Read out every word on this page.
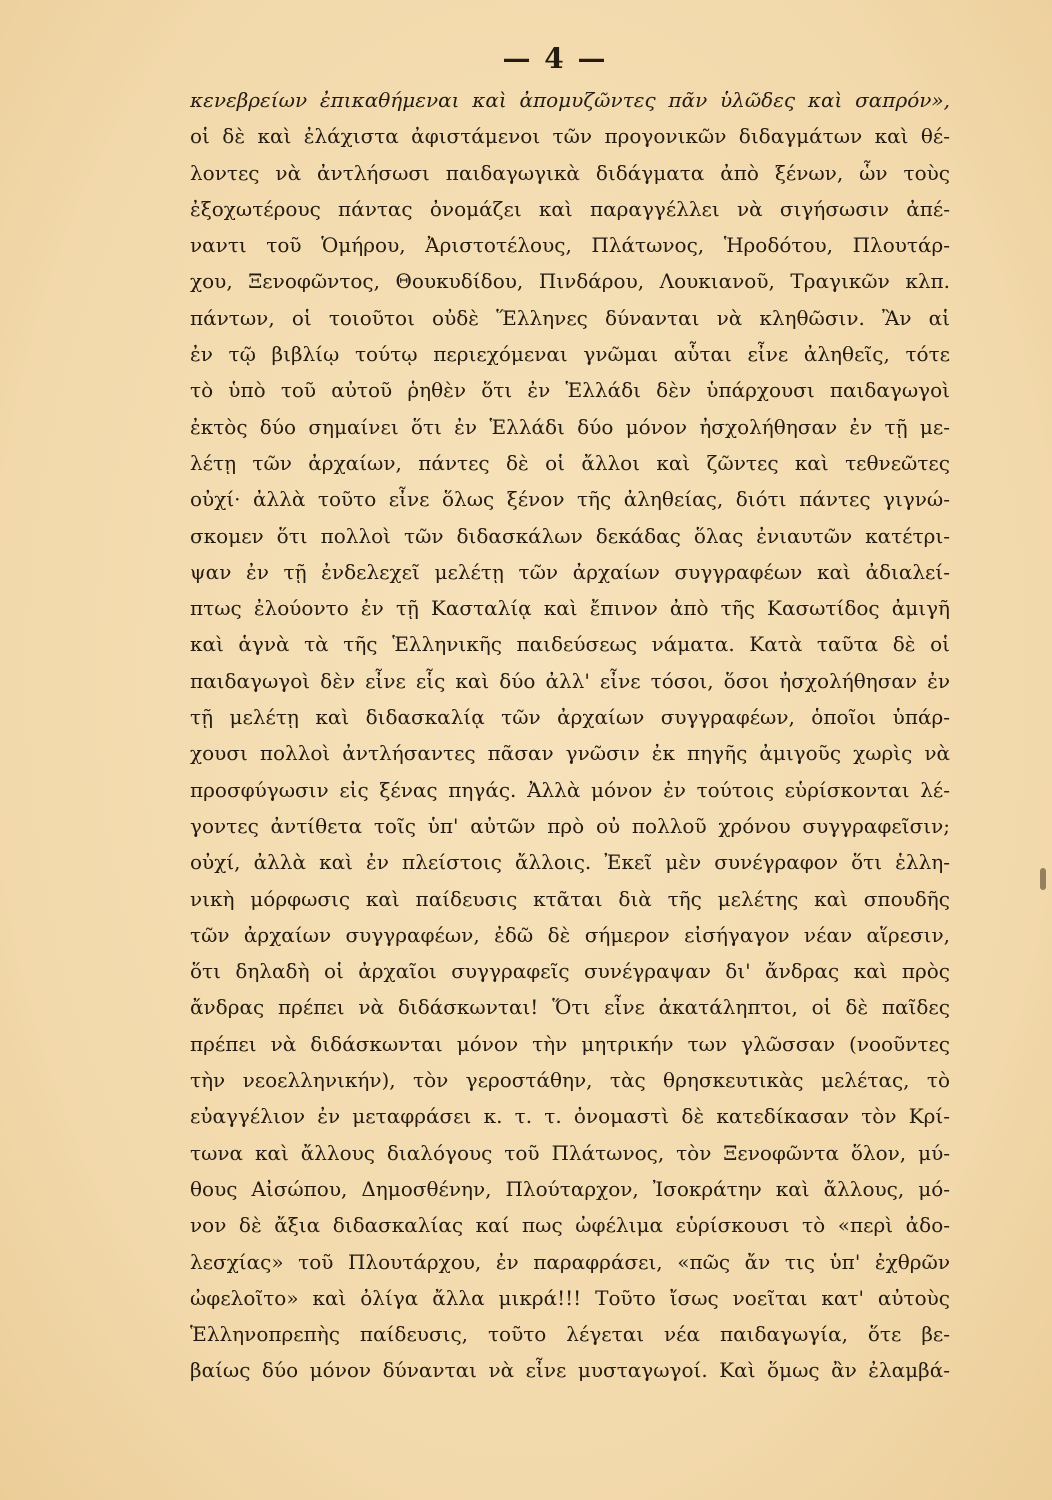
— 4 —
κενεβρείων ἐπικαθήμεναι καὶ ἀπομυζῶντες πᾶν ὑλῶδες καὶ σαπρόν»,
οἱ δὲ καὶ ἐλάχιστα ἀφιστάμενοι τῶν προγονικῶν διδαγμάτων καὶ θέ-
λοντες νὰ ἀντλήσωσι παιδαγωγικὰ διδάγματα ἀπὸ ξένων, ὧν τοὺς
ἐξοχωτέρους πάντας ὀνομάζει καὶ παραγγέλλει νὰ σιγήσωσιν ἀπέ-
ναντι τοῦ Ὁμήρου, Ἀριστοτέλους, Πλάτωνος, Ἡροδότου, Πλουτάρ-
χου, Ξενοφῶντος, Θουκυδίδου, Πινδάρου, Λουκιανοῦ, Τραγικῶν κλπ.
πάντων, οἱ τοιοῦτοι οὐδὲ Ἕλληνες δύνανται νὰ κληθῶσιν. Ἂν αἱ
ἐν τῷ βιβλίῳ τούτῳ περιεχόμεναι γνῶμαι αὗται εἶνε ἀληθεῖς, τότε
τὸ ὑπὸ τοῦ αὐτοῦ ῥηθὲν ὅτι ἐν Ἑλλάδι δὲν ὑπάρχουσι παιδαγωγοὶ
ἐκτὸς δύο σημαίνει ὅτι ἐν Ἑλλάδι δύο μόνον ἠσχολήθησαν ἐν τῇ με-
λέτῃ τῶν ἀρχαίων, πάντες δὲ οἱ ἄλλοι καὶ ζῶντες καὶ τεθνεῶτες
οὐχί· ἀλλὰ τοῦτο εἶνε ὅλως ξένον τῆς ἀληθείας, διότι πάντες γιγνώ-
σκομεν ὅτι πολλοὶ τῶν διδασκάλων δεκάδας ὅλας ἐνιαυτῶν κατέτρι-
ψαν ἐν τῇ ἐνδελεχεῖ μελέτῃ τῶν ἀρχαίων συγγραφέων καὶ ἀδιαλεί-
πτως ἐλούοντο ἐν τῇ Κασταλίᾳ καὶ ἔπινον ἀπὸ τῆς Κασωτίδος ἀμιγῆ
καὶ ἁγνὰ τὰ τῆς Ἑλληνικῆς παιδεύσεως νάματα. Κατὰ ταῦτα δὲ οἱ
παιδαγωγοὶ δὲν εἶνε εἷς καὶ δύο ἀλλ' εἶνε τόσοι, ὅσοι ἠσχολήθησαν ἐν
τῇ μελέτῃ καὶ διδασκαλίᾳ τῶν ἀρχαίων συγγραφέων, ὁποῖοι ὑπάρ-
χουσι πολλοὶ ἀντλήσαντες πᾶσαν γνῶσιν ἐκ πηγῆς ἀμιγοῦς χωρὶς νὰ
προσφύγωσιν εἰς ξένας πηγάς. Ἀλλὰ μόνον ἐν τούτοις εὑρίσκονται λέ-
γοντες ἀντίθετα τοῖς ὑπ' αὐτῶν πρὸ οὐ πολλοῦ χρόνου συγγραφεῖσιν;
οὐχί, ἀλλὰ καὶ ἐν πλείστοις ἄλλοις. Ἐκεῖ μὲν συνέγραφον ὅτι ἑλλη-
νικὴ μόρφωσις καὶ παίδευσις κτᾶται διὰ τῆς μελέτης καὶ σπουδῆς
τῶν ἀρχαίων συγγραφέων, ἐδῶ δὲ σήμερον εἰσήγαγον νέαν αἵρεσιν,
ὅτι δηλαδὴ οἱ ἀρχαῖοι συγγραφεῖς συνέγραψαν δι' ἄνδρας καὶ πρὸς
ἄνδρας πρέπει νὰ διδάσκωνται! Ὅτι εἶνε ἀκατάληπτοι, οἱ δὲ παῖδες
πρέπει νὰ διδάσκωνται μόνον τὴν μητρικήν των γλῶσσαν (νοοῦντες
τὴν νεοελληνικήν), τὸν γεροστάθην, τὰς θρησκευτικὰς μελέτας, τὸ
εὐαγγέλιον ἐν μεταφράσει κ. τ. τ. ὀνομαστὶ δὲ κατεδίκασαν τὸν Κρί-
τωνα καὶ ἄλλους διαλόγους τοῦ Πλάτωνος, τὸν Ξενοφῶντα ὅλον, μύ-
θους Αἰσώπου, Δημοσθένην, Πλούταρχον, Ἰσοκράτην καὶ ἄλλους, μό-
νον δὲ ἄξια διδασκαλίας καί πως ὠφέλιμα εὑρίσκουσι τὸ «περὶ ἀδο-
λεσχίας» τοῦ Πλουτάρχου, ἐν παραφράσει, «πῶς ἄν τις ὑπ' ἐχθρῶν
ὠφελοῖτο» καὶ ὀλίγα ἄλλα μικρά!!! Τοῦτο ἴσως νοεῖται κατ' αὐτοὺς
Ἑλληνοπρεπὴς παίδευσις, τοῦτο λέγεται νέα παιδαγωγία, ὅτε βε-
βαίως δύο μόνον δύνανται νὰ εἶνε μυσταγωγοί. Καὶ ὅμως ἂν ἐλαμβά-
